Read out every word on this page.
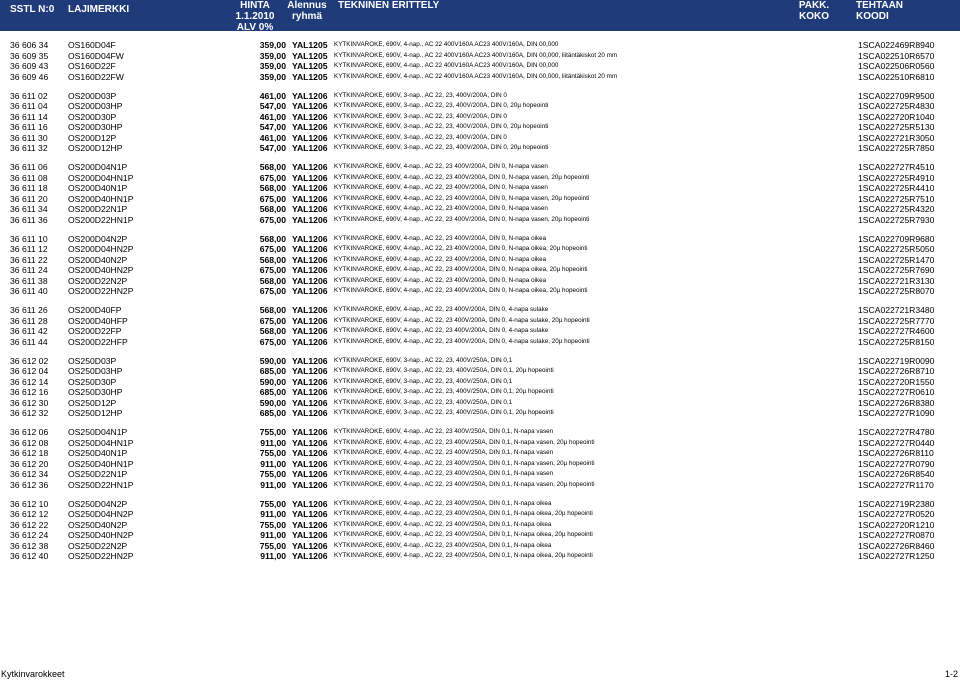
SSTL N:0 LAJIMERKKI	HINTA
1.1.2010
ALV 0%
Alennus
ryhmä
TEKNINEN ERITTELY	PAKK.
KOKO
TEHTAAN
KOODI
36 606 34	OS160D04F	359,00 YAL1205	KYTKINVAROKE, 690V, 4-nap., AC 22 400V160A AC23 400V/160A, DIN 00,000	1SCA022469R8940
36 609 35	OS160D04FW	359,00 YAL1205	KYTKINVAROKE, 690V, 4-nap., AC 22 400V160A AC23 400V/160A, DIN 00,000, liitäntäkiskot 20 mm	1SCA022510R6570
36 609 43	OS160D22F	359,00 YAL1205	KYTKINVAROKE, 690V, 4-nap., AC 22 400V160A AC23 400V/160A, DIN 00,000	1SCA022506R0560
36 609 46	OS160D22FW	359,00 YAL1205	KYTKINVAROKE, 690V, 4-nap., AC 22 400V160A AC23 400V/160A, DIN 00,000, liitäntäkiskot 20 mm	1SCA022510R6810
36 611 02	OS200D03P	461,00 YAL1206	KYTKINVAROKE, 690V, 3-nap., AC 22, 23, 400V/200A, DIN 0	1SCA022709R9500
36 611 04	OS200D03HP	547,00 YAL1206	KYTKINVAROKE, 690V, 3-nap., AC 22, 23, 400V/200A, DIN 0, 20µ hopeointi	1SCA022725R4830
36 611 14	OS200D30P	461,00 YAL1206	KYTKINVAROKE, 690V, 3-nap., AC 22, 23, 400V/200A, DIN 0	1SCA022720R1040
36 611 16	OS200D30HP	547,00 YAL1206	KYTKINVAROKE, 690V, 3-nap., AC 22, 23, 400V/200A, DIN 0, 20µ hopeointi	1SCA022725R5130
36 611 30	OS200D12P	461,00 YAL1206	KYTKINVAROKE, 690V, 3-nap., AC 22, 23, 400V/200A, DIN 0	1SCA022721R3050
36 611 32	OS200D12HP	547,00 YAL1206	KYTKINVAROKE, 690V, 3-nap., AC 22, 23, 400V/200A, DIN 0, 20µ hopeointi	1SCA022725R7850
36 611 06	OS200D04N1P	568,00 YAL1206	KYTKINVAROKE, 690V, 4-nap., AC 22, 23 400V/200A, DIN 0, N-napa vasen	1SCA022727R4510
36 611 08	OS200D04HN1P	675,00 YAL1206	KYTKINVAROKE, 690V, 4-nap., AC 22, 23 400V/200A, DIN 0, N-napa vasen, 20µ hopeointi	1SCA022725R4910
36 611 18	OS200D40N1P	568,00 YAL1206	KYTKINVAROKE, 690V, 4-nap., AC 22, 23 400V/200A, DIN 0, N-napa vasen	1SCA022725R4410
36 611 20	OS200D40HN1P	675,00 YAL1206	KYTKINVAROKE, 690V, 4-nap., AC 22, 23 400V/200A, DIN 0, N-napa vasen, 20µ hopeointi	1SCA022725R7510
36 611 34	OS200D22N1P	568,00 YAL1206	KYTKINVAROKE, 690V, 4-nap., AC 22, 23 400V/200A, DIN 0, N-napa vasen	1SCA022725R4320
36 611 36	OS200D22HN1P	675,00 YAL1206	KYTKINVAROKE, 690V, 4-nap., AC 22, 23 400V/200A, DIN 0, N-napa vasen, 20µ hopeointi	1SCA022725R7930
36 611 10	OS200D04N2P	568,00 YAL1206	KYTKINVAROKE, 690V, 4-nap., AC 22, 23 400V/200A, DIN 0, N-napa oikea	1SCA022709R9680
36 611 12	OS200D04HN2P	675,00 YAL1206	KYTKINVAROKE, 690V, 4-nap., AC 22, 23 400V/200A, DIN 0, N-napa oikea, 20µ hopeointi	1SCA022725R5050
36 611 22	OS200D40N2P	568,00 YAL1206	KYTKINVAROKE, 690V, 4-nap., AC 22, 23 400V/200A, DIN 0, N-napa oikea	1SCA022725R1470
36 611 24	OS200D40HN2P	675,00 YAL1206	KYTKINVAROKE, 690V, 4-nap., AC 22, 23 400V/200A, DIN 0, N-napa oikea, 20µ hopeointi	1SCA022725R7690
36 611 38	OS200D22N2P	568,00 YAL1206	KYTKINVAROKE, 690V, 4-nap., AC 22, 23 400V/200A, DIN 0, N-napa oikea	1SCA022721R3130
36 611 40	OS200D22HN2P	675,00 YAL1206	KYTKINVAROKE, 690V, 4-nap., AC 22, 23 400V/200A, DIN 0, N-napa oikea, 20µ hopeointi	1SCA022725R8070
36 611 26	OS200D40FP	568,00 YAL1206	KYTKINVAROKE, 690V, 4-nap., AC 22, 23 400V/200A, DIN 0, 4-napa sulake	1SCA022721R3480
36 611 28	OS200D40HFP	675,00 YAL1206	KYTKINVAROKE, 690V, 4-nap., AC 22, 23 400V/200A, DIN 0, 4-napa sulake, 20µ hopeointi	1SCA022725R7770
36 611 42	OS200D22FP	568,00 YAL1206	KYTKINVAROKE, 690V, 4-nap., AC 22, 23 400V/200A, DIN 0, 4-napa sulake	1SCA022727R4600
36 611 44	OS200D22HFP	675,00 YAL1206	KYTKINVAROKE, 690V, 4-nap., AC 22, 23 400V/200A, DIN 0, 4-napa sulake, 20µ hopeointi	1SCA022725R8150
36 612 02	OS250D03P	590,00 YAL1206	KYTKINVAROKE, 690V, 3-nap., AC 22, 23, 400V/250A, DIN 0,1	1SCA022719R0090
36 612 04	OS250D03HP	685,00 YAL1206	KYTKINVAROKE, 690V, 3-nap., AC 22, 23, 400V/250A, DIN 0,1, 20µ hopeointi	1SCA022726R8710
36 612 14	OS250D30P	590,00 YAL1206	KYTKINVAROKE, 690V, 3-nap., AC 22, 23, 400V/250A, DIN 0,1	1SCA022720R1550
36 612 16	OS250D30HP	685,00 YAL1206	KYTKINVAROKE, 690V, 3-nap., AC 22, 23, 400V/250A, DIN 0,1, 20µ hopeointi	1SCA022727R0610
36 612 30	OS250D12P	590,00 YAL1206	KYTKINVAROKE, 690V, 3-nap., AC 22, 23, 400V/250A, DIN 0,1	1SCA022726R8380
36 612 32	OS250D12HP	685,00 YAL1206	KYTKINVAROKE, 690V, 3-nap., AC 22, 23, 400V/250A, DIN 0,1, 20µ hopeointi	1SCA022727R1090
36 612 06	OS250D04N1P	755,00 YAL1206	KYTKINVAROKE, 690V, 4-nap., AC 22, 23 400V/250A, DIN 0,1, N-napa vasen	1SCA022727R4780
36 612 08	OS250D04HN1P	911,00 YAL1206	KYTKINVAROKE, 690V, 4-nap., AC 22, 23 400V/250A, DIN 0,1, N-napa vasen, 20µ hopeointi	1SCA022727R0440
36 612 18	OS250D40N1P	755,00 YAL1206	KYTKINVAROKE, 690V, 4-nap., AC 22, 23 400V/250A, DIN 0,1, N-napa vasen	1SCA022726R8110
36 612 20	OS250D40HN1P	911,00 YAL1206	KYTKINVAROKE, 690V, 4-nap., AC 22, 23 400V/250A, DIN 0,1, N-napa vasen, 20µ hopeointi	1SCA022727R0790
36 612 34	OS250D22N1P	755,00 YAL1206	KYTKINVAROKE, 690V, 4-nap., AC 22, 23 400V/250A, DIN 0,1, N-napa vasen	1SCA022726R8540
36 612 36	OS250D22HN1P	911,00 YAL1206	KYTKINVAROKE, 690V, 4-nap., AC 22, 23 400V/250A, DIN 0,1, N-napa vasen, 20µ hopeointi	1SCA022727R1170
36 612 10	OS250D04N2P	755,00 YAL1206	KYTKINVAROKE, 690V, 4-nap., AC 22, 23 400V/250A, DIN 0,1, N-napa oikea	1SCA022719R2380
36 612 12	OS250D04HN2P	911,00 YAL1206	KYTKINVAROKE, 690V, 4-nap., AC 22, 23 400V/250A, DIN 0,1, N-napa oikea, 20µ hopeointi	1SCA022727R0520
36 612 22	OS250D40N2P	755,00 YAL1206	KYTKINVAROKE, 690V, 4-nap., AC 22, 23 400V/250A, DIN 0,1, N-napa oikea	1SCA022720R1210
36 612 24	OS250D40HN2P	911,00 YAL1206	KYTKINVAROKE, 690V, 4-nap., AC 22, 23 400V/250A, DIN 0,1, N-napa oikea, 20µ hopeointi	1SCA022727R0870
36 612 38	OS250D22N2P	755,00 YAL1206	KYTKINVAROKE, 690V, 4-nap., AC 22, 23 400V/250A, DIN 0,1, N-napa oikea	1SCA022726R8460
36 612 40	OS250D22HN2P	911,00 YAL1206	KYTKINVAROKE, 690V, 4-nap., AC 22, 23 400V/250A, DIN 0,1, N-napa oikea, 20µ hopeointi	1SCA022727R1250
Kytkinvarokkeet	1-2
